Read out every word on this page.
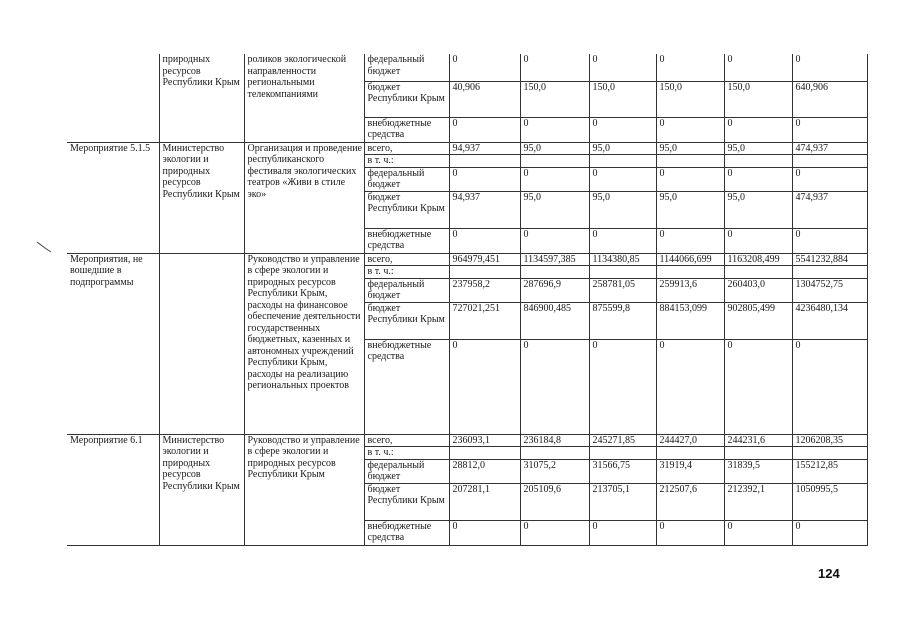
	природных ресурсов Республики Крым	роликов экологической направленности региональными телекомпаниями	федеральный бюджет	0	0	0	0	0	0
			бюджет Республики Крым	40,906	150,0	150,0	150,0	150,0	640,906
			внебюджетные средства	0	0	0	0	0	0
Мероприятие 5.1.5	Министерство экологии и природных ресурсов Республики Крым	Организация и проведение республиканского фестиваля экологических театров «Живи в стиле эко»	всего,	94,937	95,0	95,0	95,0	95,0	474,937
			в т. ч.:						
			федеральный бюджет	0	0	0	0	0	0
			бюджет Республики Крым	94,937	95,0	95,0	95,0	95,0	474,937
			внебюджетные средства	0	0	0	0	0	0
Мероприятия, не вошедшие в подпрограммы		Руководство и управление в сфере экологии и природных ресурсов Республики Крым, расходы на финансовое обеспечение деятельности государственных бюджетных, казенных и автономных учреждений Республики Крым, расходы на реализацию региональных проектов	всего,	964979,451	1134597,385	1134380,85	1144066,699	1163208,499	5541232,884
			в т. ч.:						
			федеральный бюджет	237958,2	287696,9	258781,05	259913,6	260403,0	1304752,75
			бюджет Республики Крым	727021,251	846900,485	875599,8	884153,099	902805,499	4236480,134
			внебюджетные средства	0	0	0	0	0	0
Мероприятие 6.1	Министерство экологии и природных ресурсов Республики Крым	Руководство и управление в сфере экологии и природных ресурсов Республики Крым	всего,	236093,1	236184,8	245271,85	244427,0	244231,6	1206208,35
			в т. ч.:						
			федеральный бюджет	28812,0	31075,2	31566,75	31919,4	31839,5	155212,85
			бюджет Республики Крым	207281,1	205109,6	213705,1	212507,6	212392,1	1050995,5
			внебюджетные средства	0	0	0	0	0	0
124
